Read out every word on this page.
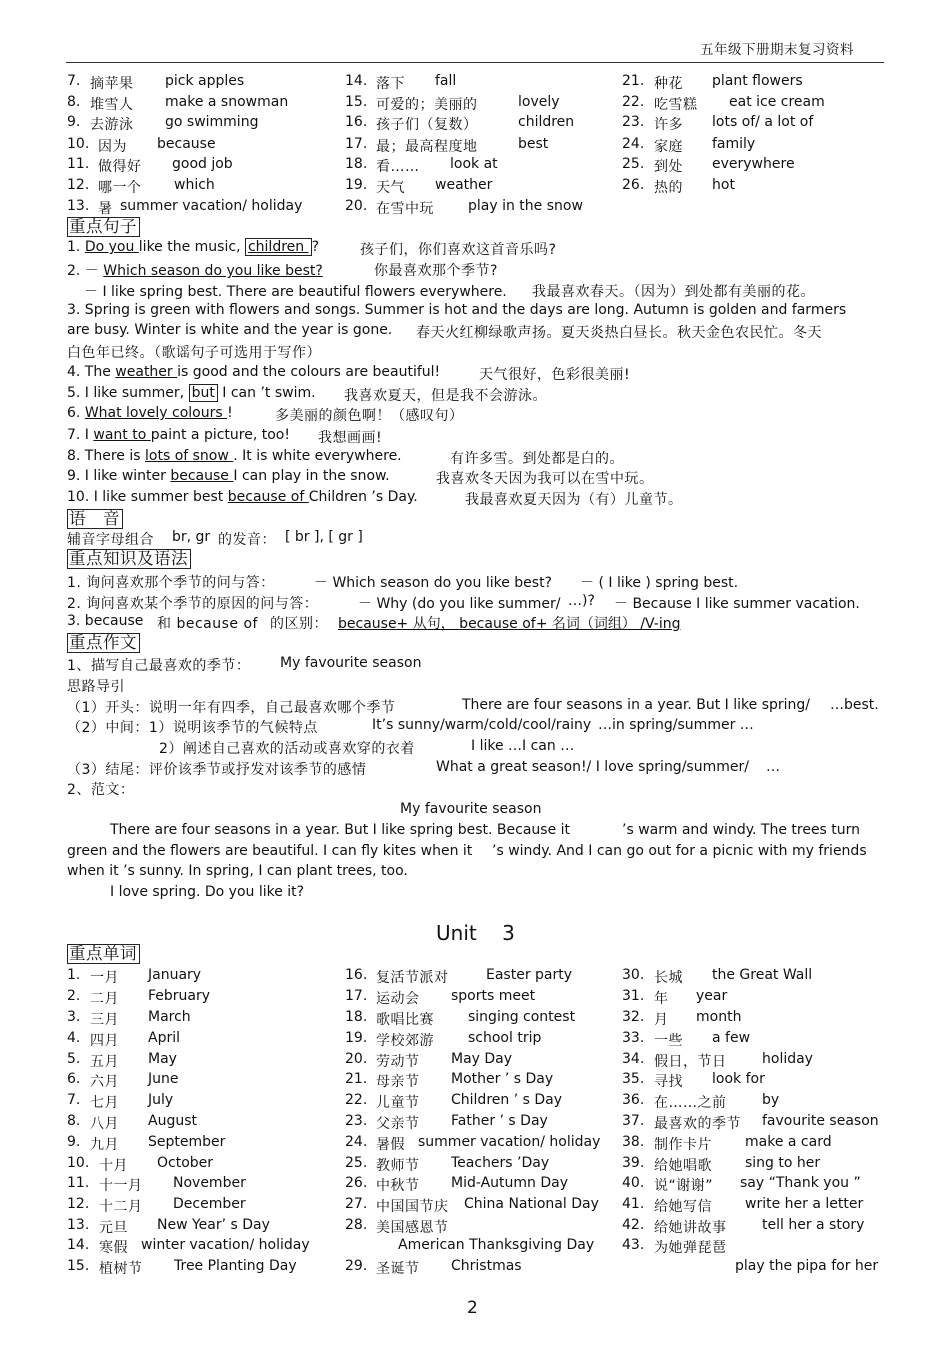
五年级下册期末复习资料
7. 摘苹果 pick apples
8. 堆雪人 make a snowman
9. 去游泳 go swimming
10. 因为 because
11. 做得好 good job
12. 哪一个 which
13. 暑 summer vacation/ holiday
14. 落下 fall
15. 可爱的；美丽的	lovely
16. 孩子们（复数）	children
17. 最；最高程度地	best
18. 看…… look at
19. 天气 weather
20. 在雪中玩 play in the snow
21. 种花 plant flowers
22. 吃雪糕 eat ice cream
23. 许多 lots of/ a lot of
24. 家庭 family
25. 到处 everywhere
26. 热的 hot
重点句子
1. Do you like the music, children ?	孩子们，你们喜欢这首音乐吗?
2. － Which season do you like best?	你最喜欢那个季节?
－ I like spring best. There are beautiful flowers everywhere. 我最喜欢春天。（因为）到处都有美丽的花。
3. Spring is green with flowers and songs. Summer is hot and the days are long. Autumn is golden and farmers
are busy. Winter is white and the year is gone. 春天火红柳绿歌声扬。夏天炎热白昼长。秋天金色农民忙。冬天
白色年已终。（歌谣句子可选用于写作）
4. The weather is good and the colours are beautiful!	天气很好，色彩很美丽!
5. I like summer, but I can ’t swim. 我喜欢夏天，但是我不会游泳。
6. What lovely colours !	多美丽的颜色啊！（感叹句）
7. I want to paint a picture, too! 我想画画!
8. There is lots of snow . It is white everywhere.	有许多雪。到处都是白的。
9. I like winter because I can play in the snow.	我喜欢冬天因为我可以在雪中玩。
10. I like summer best because of Children ’s Day.	我最喜欢夏天因为（有）儿童节。
语　音
辅音字母组合 br, gr 的发音： [ br ], [ gr ]
重点知识及语法
1. 询问喜欢那个季节的问与答：	－ Which season do you like best? － ( I like ) spring best.
2. 询问喜欢某个季节的原因的问与答：	－ Why (do you like summer/ …)? － Because I like summer vacation.
3. because 和 because of 的区别： because+ 从句， because of+ 名词（词组） /V-ing
重点作文
1、描写自己最喜欢的季节： My favourite season
思路导引
（1）开头：说明一年有四季，自己最喜欢哪个季节	There are four seasons in a year. But I like spring/ …best.
（2）中间：1）说明该季节的气候特点	It’s sunny/warm/cold/cool/rainy …in spring/summer …
2）阐述自己喜欢的活动或喜欢穿的衣着	I like …I can …
（3）结尾：评价该季节或抒发对该季节的感情	What a great season!/ I love spring/summer/ …
2、范文：
My favourite season
There are four seasons in a year. But I like spring best. Because it	’s warm and windy. The trees turn
green and the flowers are beautiful. I can fly kites when it ’s windy. And I can go out for a picnic with my friends
when it ’s sunny. In spring, I can plant trees, too.
I love spring. Do you like it?
Unit    3
重点单词
1. 一月 January
2. 二月 February
3. 三月 March
4. 四月 April
5. 五月 May
6. 六月 June
7. 七月 July
8. 八月 August
9. 九月 September
10. 十月 October
11. 十一月 November
12. 十二月 December
13. 元旦 New Year’ s Day
14. 寒假 winter vacation/ holiday
15. 植树节 Tree Planting Day
16. 复活节派对	Easter party
17. 运动会 sports meet
18. 歌唱比赛 singing contest
19. 学校郊游 school trip
20. 劳动节 May Day
21. 母亲节 Mother ’ s Day
22. 儿童节 Children ’ s Day
23. 父亲节 Father ’ s Day
24. 暑假 summer vacation/ holiday
25. 教师节 Teachers ’Day
26. 中秋节 Mid-Autumn Day
27. 中国国节庆 China National Day
28. 美国感恩节
American Thanksgiving Day
29. 圣诞节 Christmas
30. 长城 the Great Wall
31. 年 year
32. 月 month
33. 一些 a few
34. 假日，节日	holiday
35. 寻找 look for
36. 在……之前	by
37. 最喜欢的季节 favourite season
38. 制作卡片 make a card
39. 给她唱歌 sing to her
40. 说“谢谢” say “Thank you ”
41. 给她写信 write her a letter
42. 给她讲故事	tell her a story
43. 为她弹琵琶
play the pipa for her
2
